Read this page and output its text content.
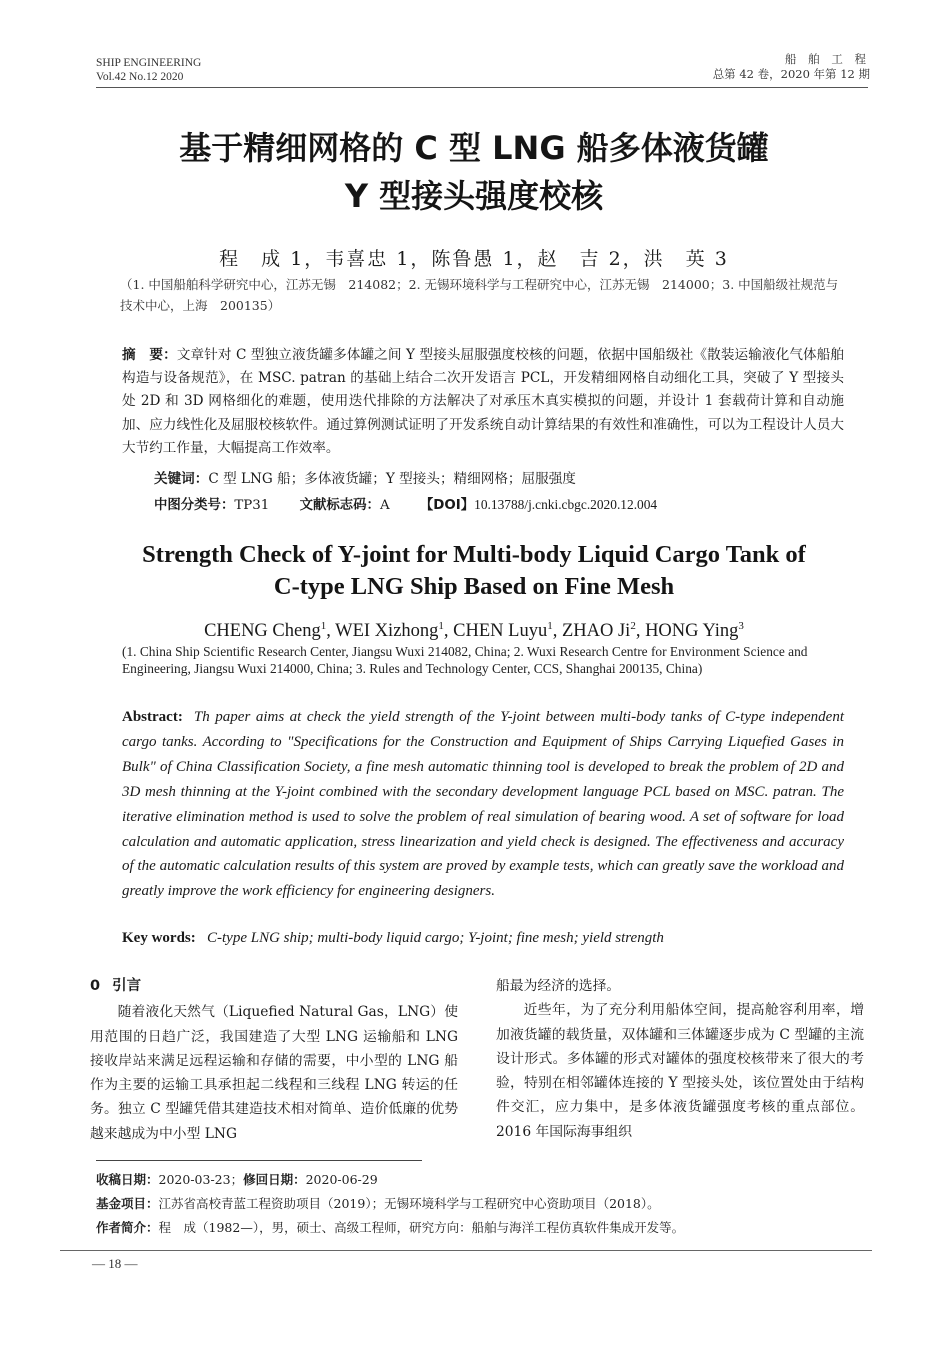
SHIP ENGINEERING
Vol.42 No.12 2020
船 舶 工 程
总第 42 卷，2020 年第 12 期
基于精细网格的 C 型 LNG 船多体液货罐
Y 型接头强度校核
程　成 1，韦喜忠 1，陈鲁愚 1，赵　吉 2，洪　英 3
（1. 中国船舶科学研究中心，江苏无锡　214082；2. 无锡环境科学与工程研究中心，江苏无锡　214000；3. 中国船级社规范与技术中心，上海　200135）
摘　要：文章针对 C 型独立液货罐多体罐之间 Y 型接头屈服强度校核的问题，依据中国船级社《散装运输液化气体船舶构造与设备规范》，在 MSC. patran 的基础上结合二次开发语言 PCL，开发精细网格自动细化工具，突破了 Y 型接头处 2D 和 3D 网格细化的难题，使用迭代排除的方法解决了对承压木真实模拟的问题，并设计 1 套载荷计算和自动施加、应力线性化及屈服校核软件。通过算例测试证明了开发系统自动计算结果的有效性和准确性，可以为工程设计人员大大节约工作量，大幅提高工作效率。
关键词：C 型 LNG 船；多体液货罐；Y 型接头；精细网格；屈服强度
中图分类号：TP31 文献标志码：A 【DOI】10.13788/j.cnki.cbgc.2020.12.004
Strength Check of Y-joint for Multi-body Liquid Cargo Tank of
C-type LNG Ship Based on Fine Mesh
CHENG Cheng$^1$, WEI Xizhong$^1$, CHEN Luyu$^1$, ZHAO Ji$^2$, HONG Ying$^3$
(1. China Ship Scientific Research Center, Jiangsu Wuxi 214082, China; 2. Wuxi Research Centre for Environment Science and Engineering, Jiangsu Wuxi 214000, China; 3. Rules and Technology Center, CCS, Shanghai 200135, China)
Abstract: Th paper aims at check the yield strength of the Y-joint between multi-body tanks of C-type independent cargo tanks. According to "Specifications for the Construction and Equipment of Ships Carrying Liquefied Gases in Bulk" of China Classification Society, a fine mesh automatic thinning tool is developed to break the problem of 2D and 3D mesh thinning at the Y-joint combined with the secondary development language PCL based on MSC. patran. The iterative elimination method is used to solve the problem of real simulation of bearing wood. A set of software for load calculation and automatic application, stress linearization and yield check is designed. The effectiveness and accuracy of the automatic calculation results of this system are proved by example tests, which can greatly save the workload and greatly improve the work efficiency for engineering designers.
Key words: C-type LNG ship; multi-body liquid cargo; Y-joint; fine mesh; yield strength
0 引言

随着液化天然气（Liquefied Natural Gas，LNG）使用范围的日趋广泛，我国建造了大型 LNG 运输船和 LNG 接收岸站来满足远程运输和存储的需要，中小型的 LNG 船作为主要的运输工具承担起二线程和三线程 LNG 转运的任务。独立 C 型罐凭借其建造技术相对简单、造价低廉的优势越来越成为中小型 LNG

船最为经济的选择。

近些年，为了充分利用船体空间，提高舱容利用率，增加液货罐的载货量，双体罐和三体罐逐步成为 C 型罐的主流设计形式。多体罐的形式对罐体的强度校核带来了很大的考验，特别在相邻罐体连接的 Y 型接头处，该位置处由于结构件交汇，应力集中，是多体液货罐强度考核的重点部位。2016 年国际海事组织

收稿日期：2020-03-23；修回日期：2020-06-29
基金项目：江苏省高校青蓝工程资助项目（2019）；无锡环境科学与工程研究中心资助项目（2018）。
作者简介：程　成（1982—），男，硕士、高级工程师，研究方向：船舶与海洋工程仿真软件集成开发等。
— 18 —
